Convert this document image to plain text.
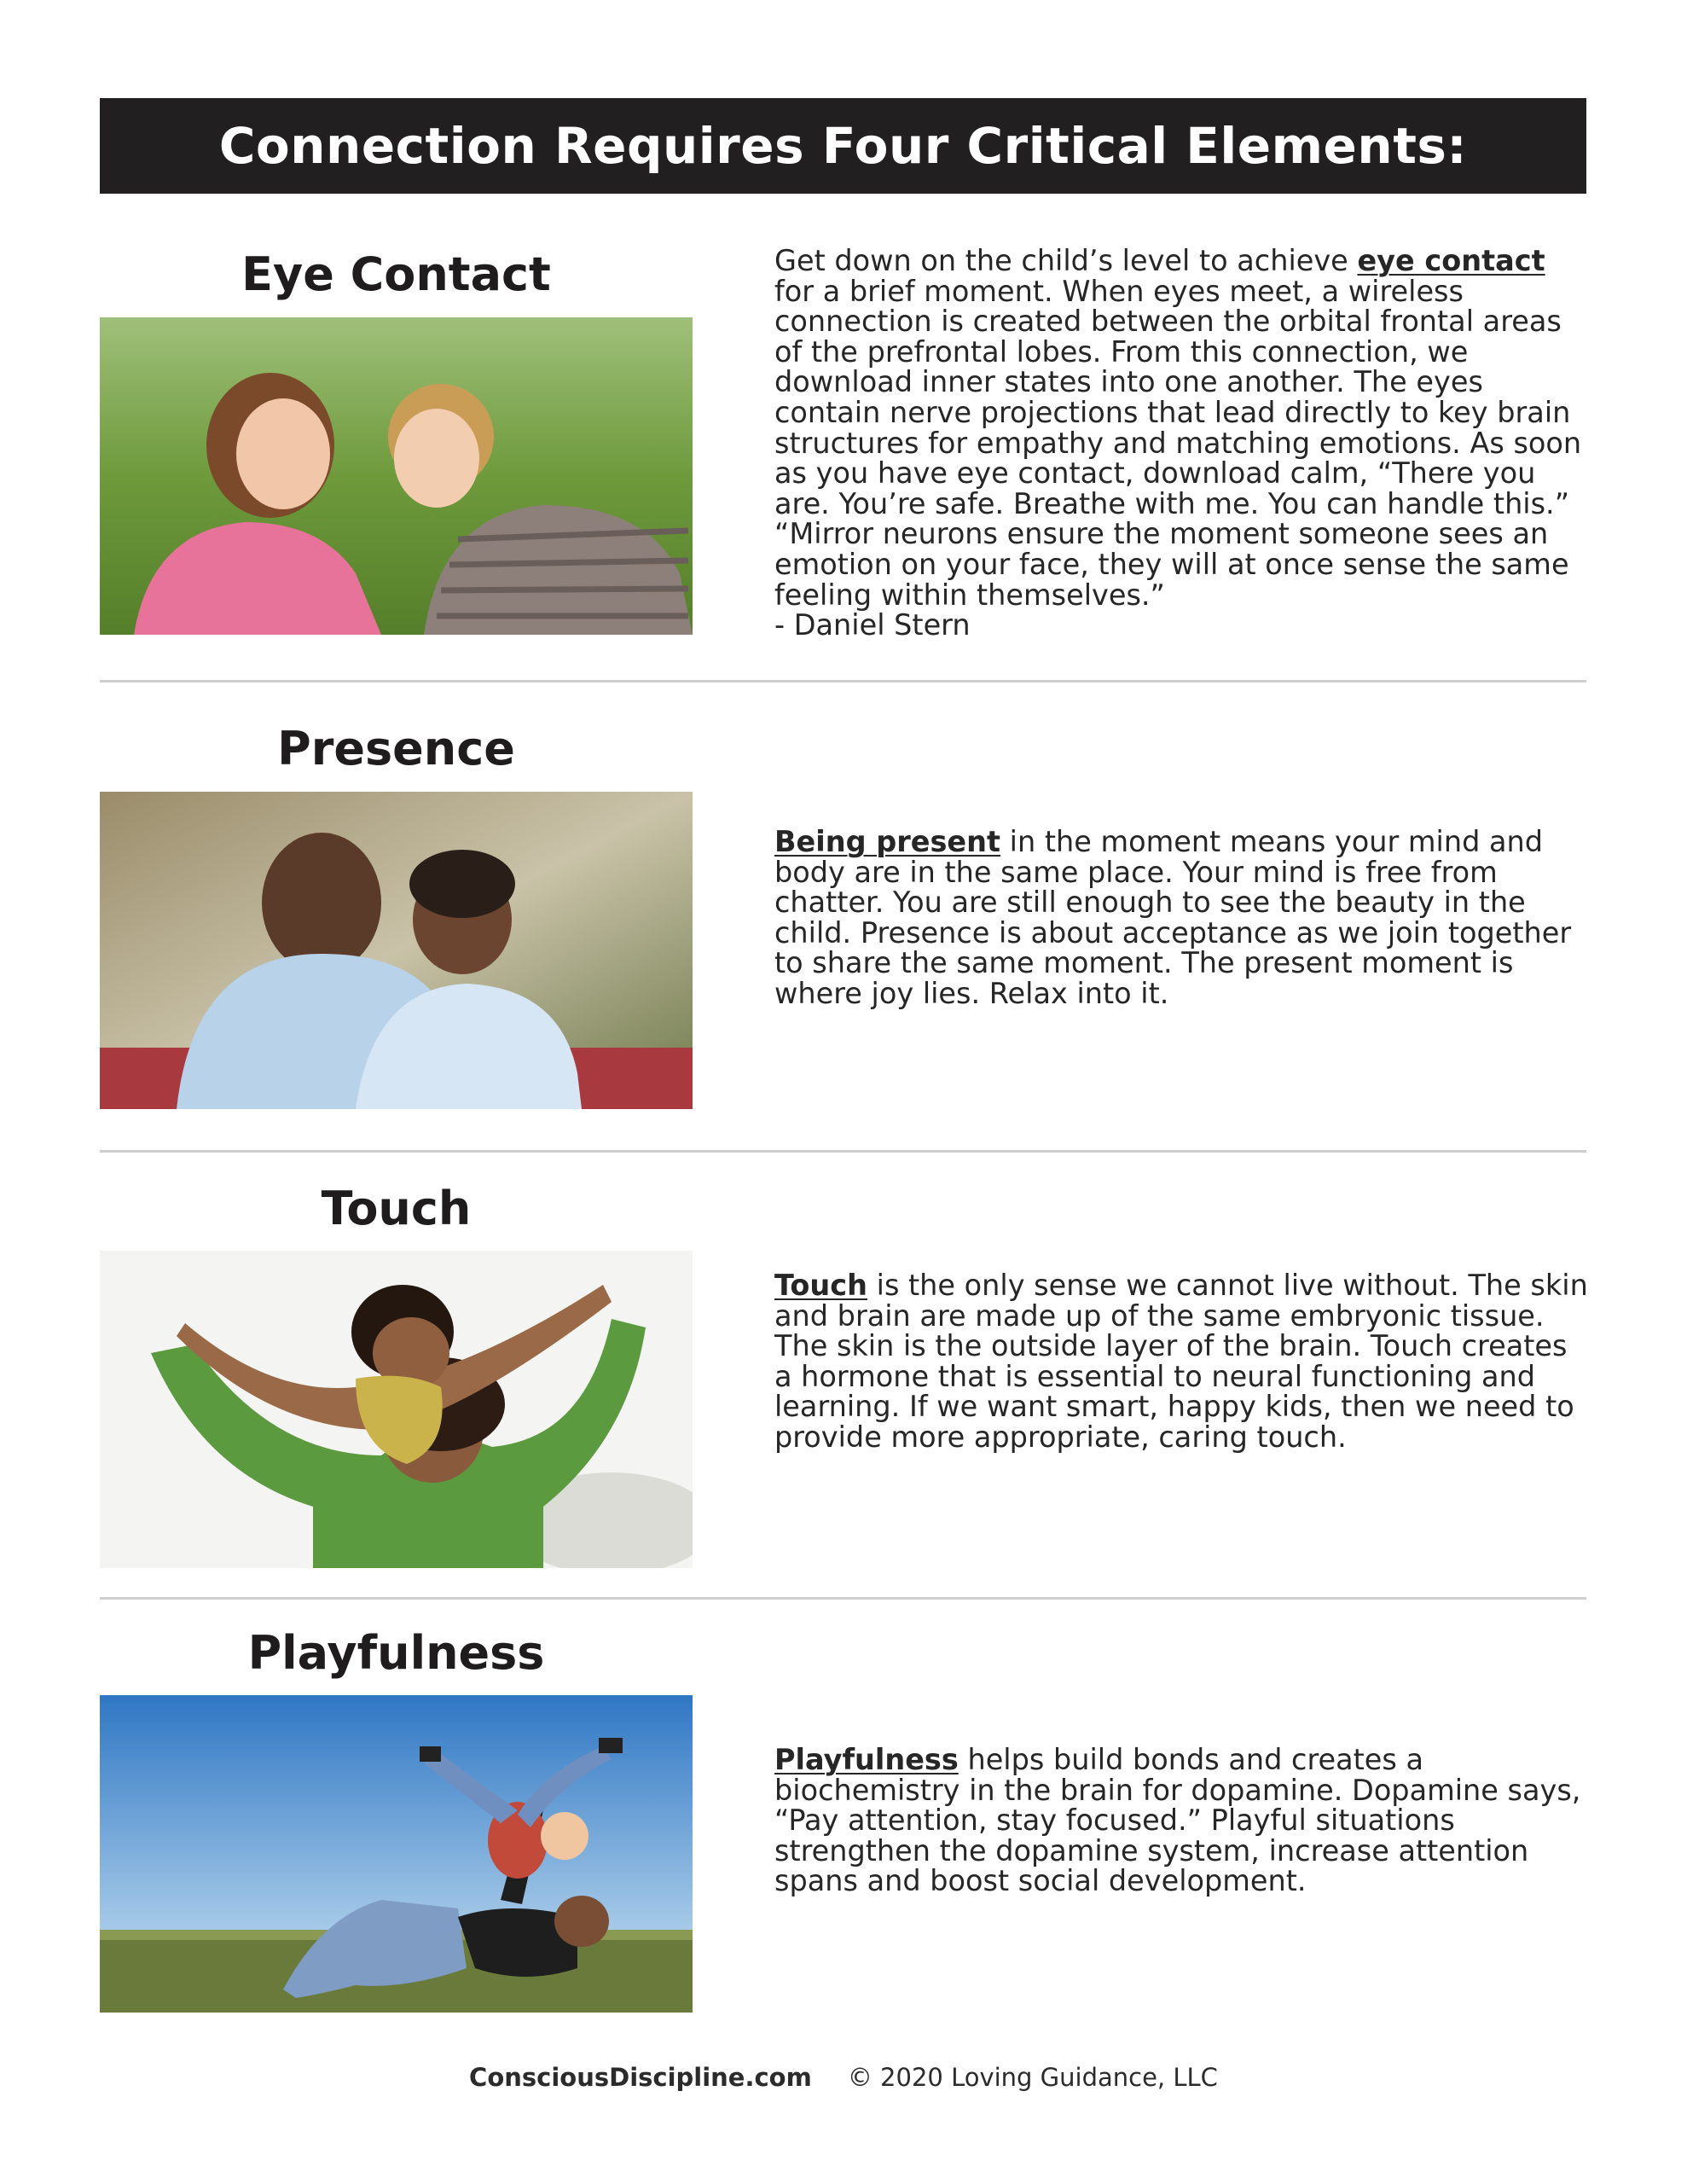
Connection Requires Four Critical Elements:
Eye Contact	Get down on the child’s level to achieve eye contact for a brief moment. When eyes meet, a wireless connection is created between the orbital frontal areas of the prefrontal lobes. From this connection, we download inner states into one another. The eyes contain nerve projections that lead directly to key brain structures for empathy and matching emotions. As soon as you have eye contact, download calm, “There you are. You’re safe. Breathe with me. You can handle this.” “Mirror neurons ensure the moment someone sees an emotion on your face, they will at once sense the same feeling within themselves.”

- Daniel Stern

Presence

Being present in the moment means your mind and body are in the same place. Your mind is free from chatter. You are still enough to see the beauty in the child. Presence is about acceptance as we join together to share the same moment. The present moment is where joy lies. Relax into it.

Touch

Touch is the only sense we cannot live without. The skin and brain are made up of the same embryonic tissue. The skin is the outside layer of the brain. Touch creates a hormone that is essential to neural functioning and learning. If we want smart, happy kids, then we need to provide more appropriate, caring touch.

Playfulness

Playfulness helps build bonds and creates a biochemistry in the brain for dopamine. Dopamine says, “Pay attention, stay focused.” Playful situations strengthen the dopamine system, increase attention spans and boost social development.

ConsciousDiscipline.com © 2020 Loving Guidance, LLC
